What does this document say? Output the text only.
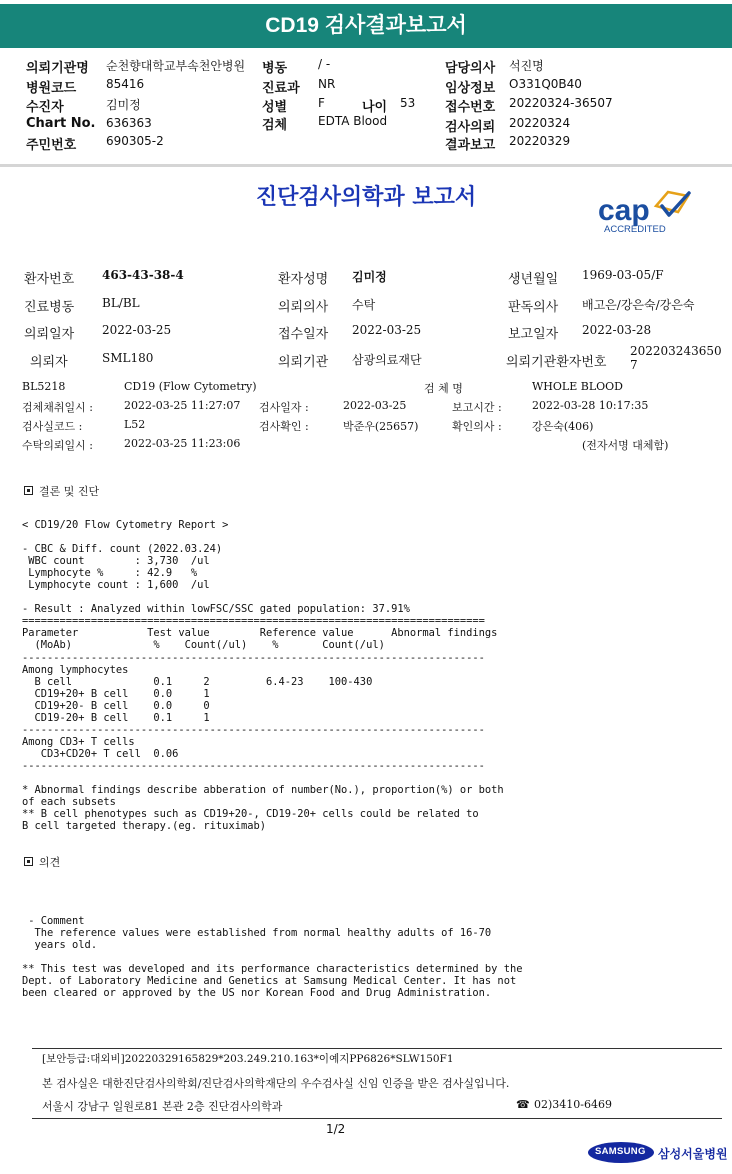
CD19 검사결과보고서
의뢰기관명 순천향대학교부속천안병원
병원코드 85416
수진자	김미정
Chart No. 636363
주민번호 690305-2
병동	/ -
진료과 NR
성별	F	나이 53
검체	EDTA Blood
담당의사 석진명
임상정보 O331Q0B40
접수번호 20220324-36507
검사의뢰 20220324
결과보고 20220329
진단검사의학과 보고서	cap
ACCREDITED
환자번호 463-43-38-4	환자성명 김미정	생년월일 1969-03-05/F
진료병동 BL/BL	의뢰의사 수탁	판독의사 배고은/강은숙/강은숙
의뢰일자 2022-03-25	접수일자 2022-03-25	보고일자 2022-03-28
의뢰자	SML180	의뢰기관 삼광의료재단	의뢰기관환자번호
202203243650
7
BL5218	CD19 (Flow Cytometry)	검 체 명	WHOLE BLOOD
검체채취일시 :	2022-03-25 11:27:07 검사일자 :	2022-03-25	보고시간 :	2022-03-28 10:17:35
검사실코드 :	L52	검사확인 :	박준우(25657)	확인의사 :	강은숙(406)
수탁의뢰일시 :	2022-03-25 11:23:06	(전자서명 대체함)
결론 및 진단
< CD19/20 Flow Cytometry Report >

- CBC & Diff. count (2022.03.24)
WBC count        : 3,730  /ul
Lymphocyte %     : 42.9   %
Lymphocyte count : 1,600  /ul

- Result : Analyzed within lowFSC/SSC gated population: 37.91%
==========================================================================
Parameter           Test value        Reference value      Abnormal findings
(MoAb)             %    Count(/ul)    %       Count(/ul)
--------------------------------------------------------------------------
Among lymphocytes
B cell             0.1     2         6.4-23    100-430
CD19+20+ B cell    0.0     1
CD19+20- B cell    0.0     0
CD19-20+ B cell    0.1     1
--------------------------------------------------------------------------
Among CD3+ T cells
CD3+CD20+ T cell  0.06
--------------------------------------------------------------------------

* Abnormal findings describe abberation of number(No.), proportion(%) or both
of each subsets
** B cell phenotypes such as CD19+20-, CD19-20+ cells could be related to
B cell targeted therapy.(eg. rituximab)
의견
- Comment
The reference values were established from normal healthy adults of 16-70
years old.

** This test was developed and its performance characteristics determined by the
Dept. of Laboratory Medicine and Genetics at Samsung Medical Center. It has not
been cleared or approved by the US nor Korean Food and Drug Administration.
[보안등급:대외비]20220329165829*203.249.210.163*이예지PP6826*SLW150F1
본 검사실은 대한진단검사의학회/진단검사의학재단의 우수검사실 신임 인증을 받은 검사실입니다.
서울시 강남구 일원로81 본관 2층 진단검사의학과	☎ 02)3410-6469
1/2
SAMSUNG 삼성서울병원
